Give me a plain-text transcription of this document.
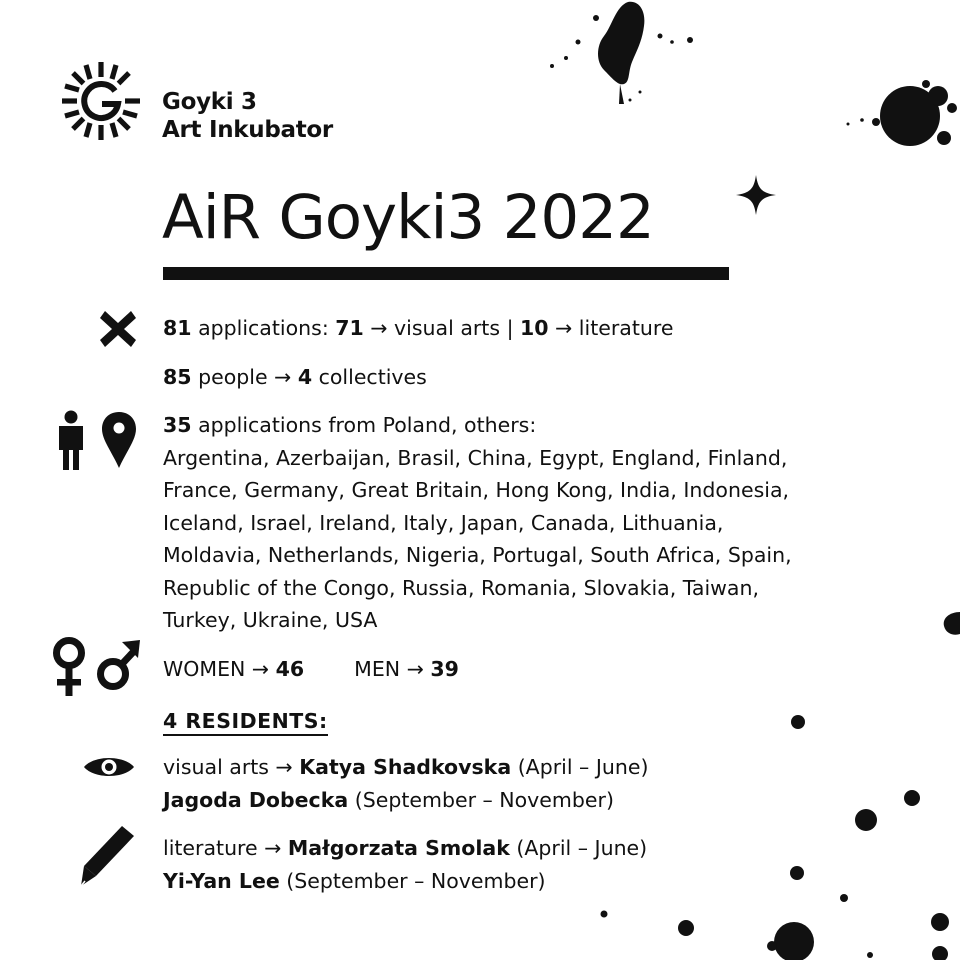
Goyki 3
Art Inkubator
AiR Goyki3 2022
81 applications: 71 → visual arts | 10 → literature
85 people → 4 collectives
35 applications from Poland, others:
Argentina, Azerbaijan, Brasil, China, Egypt, England, Finland,
France, Germany, Great Britain, Hong Kong, India, Indonesia,
Iceland, Israel, Ireland, Italy, Japan, Canada, Lithuania,
Moldavia, Netherlands, Nigeria, Portugal, South Africa, Spain,
Republic of the Congo, Russia, Romania, Slovakia, Taiwan,
Turkey, Ukraine, USA
WOMEN → 46 MEN → 39
4 RESIDENTS:
visual arts → Katya Shadkovska (April – June)
Jagoda Dobecka (September – November)
literature → Małgorzata Smolak (April – June)
Yi-Yan Lee (September – November)
